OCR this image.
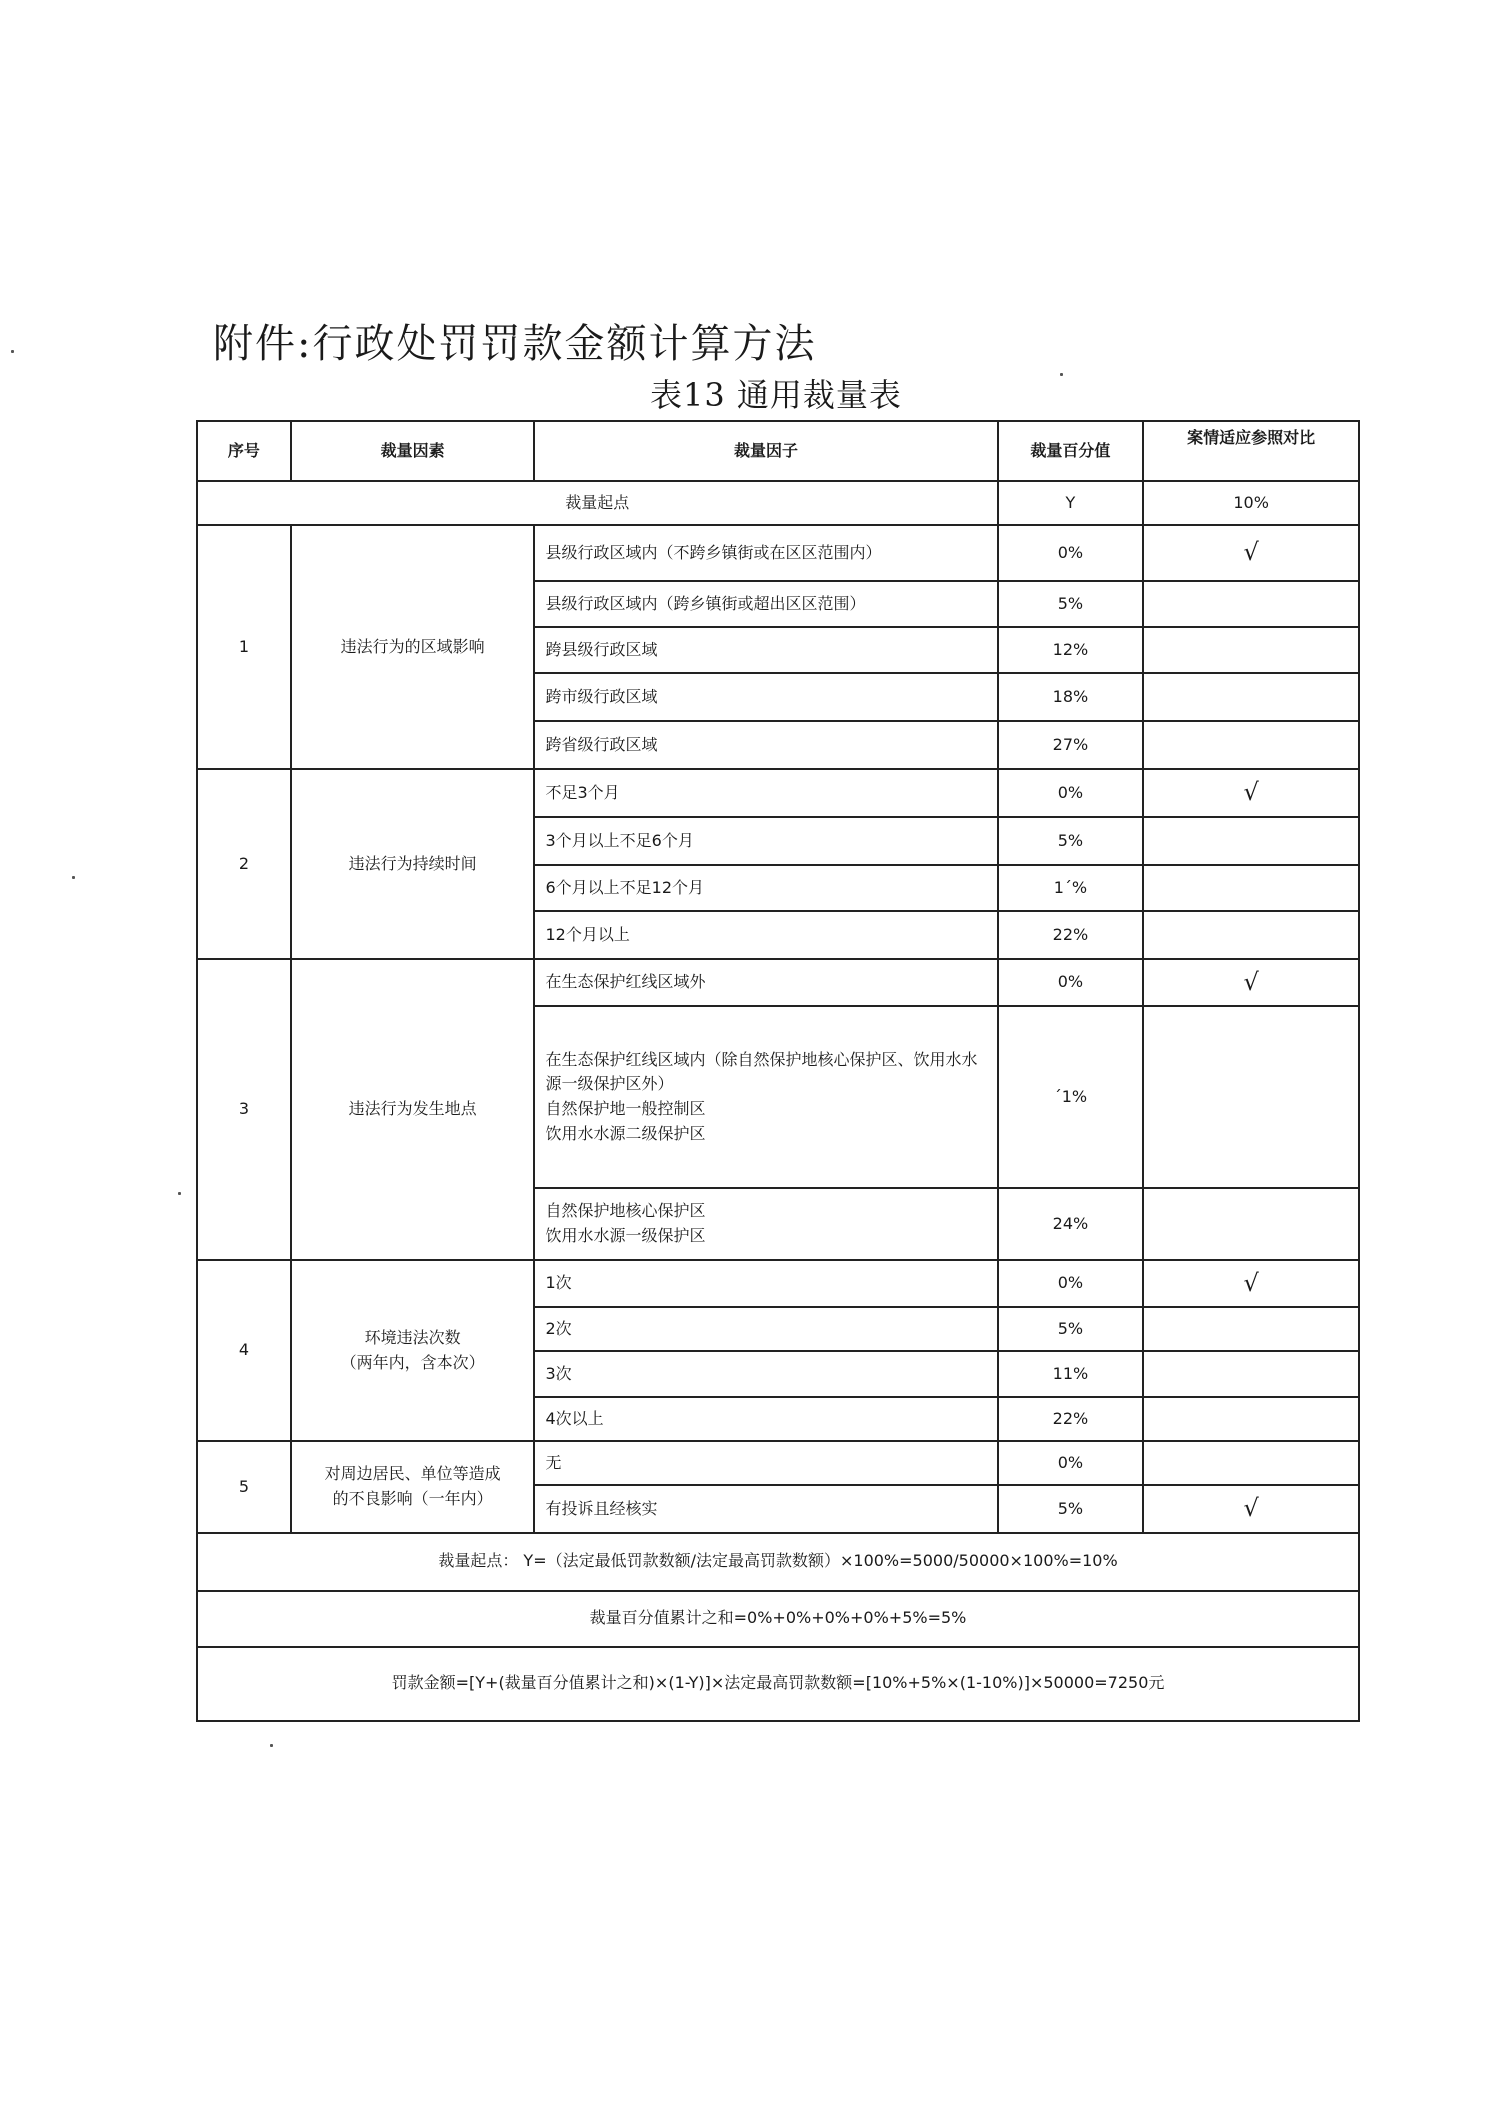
附件:行政处罚罚款金额计算方法
表13 通用裁量表
序号	裁量因素	裁量因子	裁量百分值	案情适应参照对比
裁量起点			Y	10%
1	违法行为的区域影响	县级行政区域内（不跨乡镇街或在区区范围内）	0%	√
		县级行政区域内（跨乡镇街或超出区区范围）	5%	
		跨县级行政区域	12%	
		跨市级行政区域	18%	
		跨省级行政区域	27%	
2	违法行为持续时间	不足3个月	0%	√
		3个月以上不足6个月	5%	
		6个月以上不足12个月	1ˊ%	
		12个月以上	22%	
3	违法行为发生地点	在生态保护红线区域外	0%	√
		在生态保护红线区域内（除自然保护地核心保护区、饮用水水源一级保护区外）
自然保护地一般控制区
饮用水水源二级保护区	ˊ1%	
		自然保护地核心保护区
饮用水水源一级保护区	24%	
4	环境违法次数
（两年内，含本次）	1次	0%	√
		2次	5%	
		3次	11%	
		4次以上	22%	
5	对周边居民、单位等造成
的不良影响（一年内）	无	0%	
		有投诉且经核实	5%	√
裁量起点： Y=（法定最低罚款数额/法定最高罚款数额）×100%=5000/50000×100%=10%				
裁量百分值累计之和=0%+0%+0%+0%+5%=5%				
罚款金额=[Y+(裁量百分值累计之和)×(1-Y)]×法定最高罚款数额=[10%+5%×(1-10%)]×50000=7250元				
